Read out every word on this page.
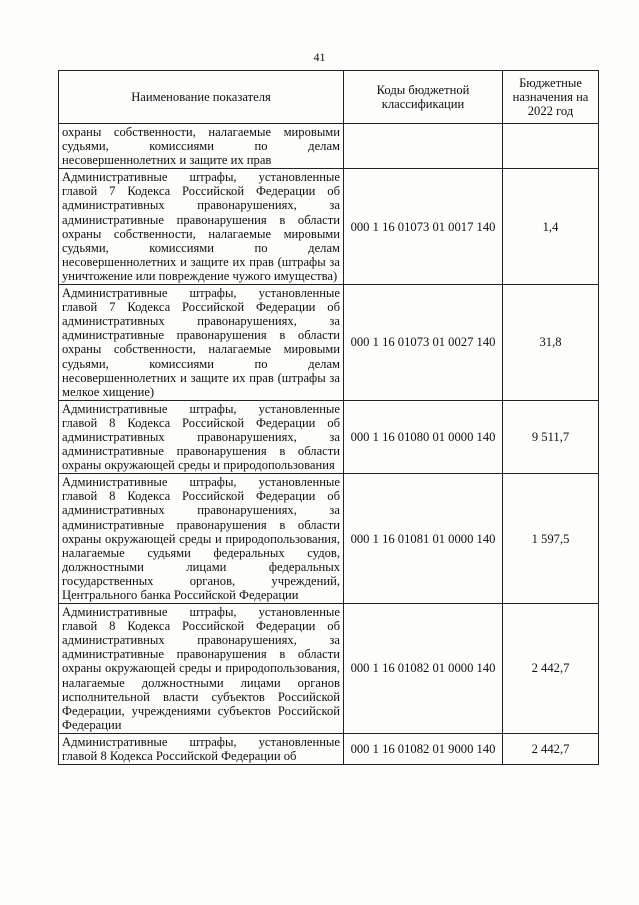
41
Наименование показателя	Коды бюджетной классификации	Бюджетные назначения на 2022 год
охраны собственности, налагаемые мировыми судьями, комиссиями по делам несовершеннолетних и защите их прав		
Административные штрафы, установленные главой 7 Кодекса Российской Федерации об административных правонарушениях, за административные правонарушения в области охраны собственности, налагаемые мировыми судьями, комиссиями по делам несовершеннолетних и защите их прав (штрафы за уничтожение или повреждение чужого имущества)	000 1 16 01073 01 0017 140	1,4
Административные штрафы, установленные главой 7 Кодекса Российской Федерации об административных правонарушениях, за административные правонарушения в области охраны собственности, налагаемые мировыми судьями, комиссиями по делам несовершеннолетних и защите их прав (штрафы за мелкое хищение)	000 1 16 01073 01 0027 140	31,8
Административные штрафы, установленные главой 8 Кодекса Российской Федерации об административных правонарушениях, за административные правонарушения в области охраны окружающей среды и природопользования	000 1 16 01080 01 0000 140	9 511,7
Административные штрафы, установленные главой 8 Кодекса Российской Федерации об административных правонарушениях, за административные правонарушения в области охраны окружающей среды и природопользования, налагаемые судьями федеральных судов, должностными лицами федеральных государственных органов, учреждений, Центрального банка Российской Федерации	000 1 16 01081 01 0000 140	1 597,5
Административные штрафы, установленные главой 8 Кодекса Российской Федерации об административных правонарушениях, за административные правонарушения в области охраны окружающей среды и природопользования, налагаемые должностными лицами органов исполнительной власти субъектов Российской Федерации, учреждениями субъектов Российской Федерации	000 1 16 01082 01 0000 140	2 442,7
Административные штрафы, установленные главой 8 Кодекса Российской Федерации об	000 1 16 01082 01 9000 140	2 442,7
